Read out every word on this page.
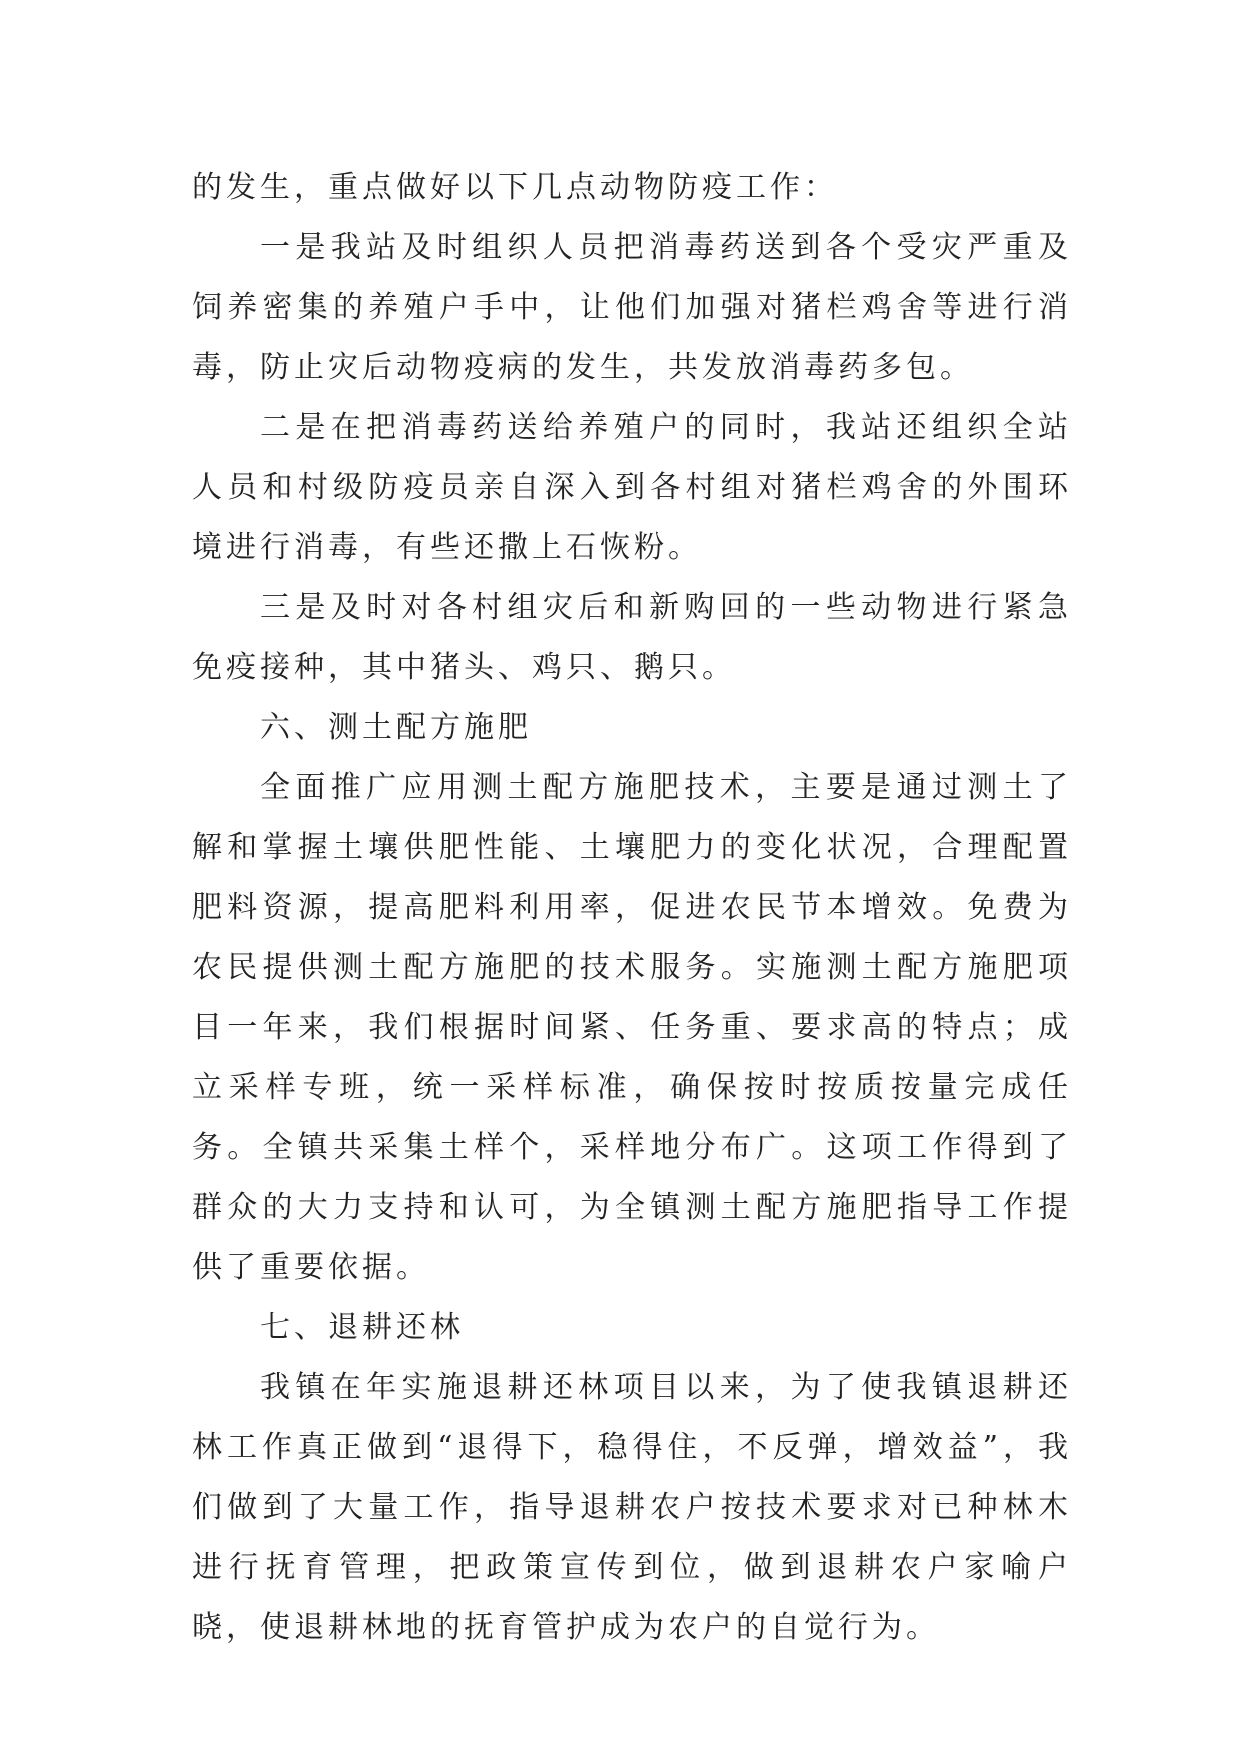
的发生，重点做好以下几点动物防疫工作：

一是我站及时组织人员把消毒药送到各个受灾严重及饲养密集的养殖户手中，让他们加强对猪栏鸡舍等进行消毒，防止灾后动物疫病的发生，共发放消毒药多包。

二是在把消毒药送给养殖户的同时，我站还组织全站人员和村级防疫员亲自深入到各村组对猪栏鸡舍的外围环境进行消毒，有些还撒上石恢粉。

三是及时对各村组灾后和新购回的一些动物进行紧急免疫接种，其中猪头、鸡只、鹅只。

六、测土配方施肥

全面推广应用测土配方施肥技术，主要是通过测土了解和掌握土壤供肥性能、土壤肥力的变化状况，合理配置肥料资源，提高肥料利用率，促进农民节本增效。免费为农民提供测土配方施肥的技术服务。实施测土配方施肥项目一年来，我们根据时间紧、任务重、要求高的特点；成立采样专班，统一采样标准，确保按时按质按量完成任务。全镇共采集土样个，采样地分布广。这项工作得到了群众的大力支持和认可，为全镇测土配方施肥指导工作提供了重要依据。

七、退耕还林

我镇在年实施退耕还林项目以来，为了使我镇退耕还林工作真正做到“退得下，稳得住，不反弹，增效益”，我们做到了大量工作，指导退耕农户按技术要求对已种林木进行抚育管理，把政策宣传到位，做到退耕农户家喻户晓，使退耕林地的抚育管护成为农户的自觉行为。
